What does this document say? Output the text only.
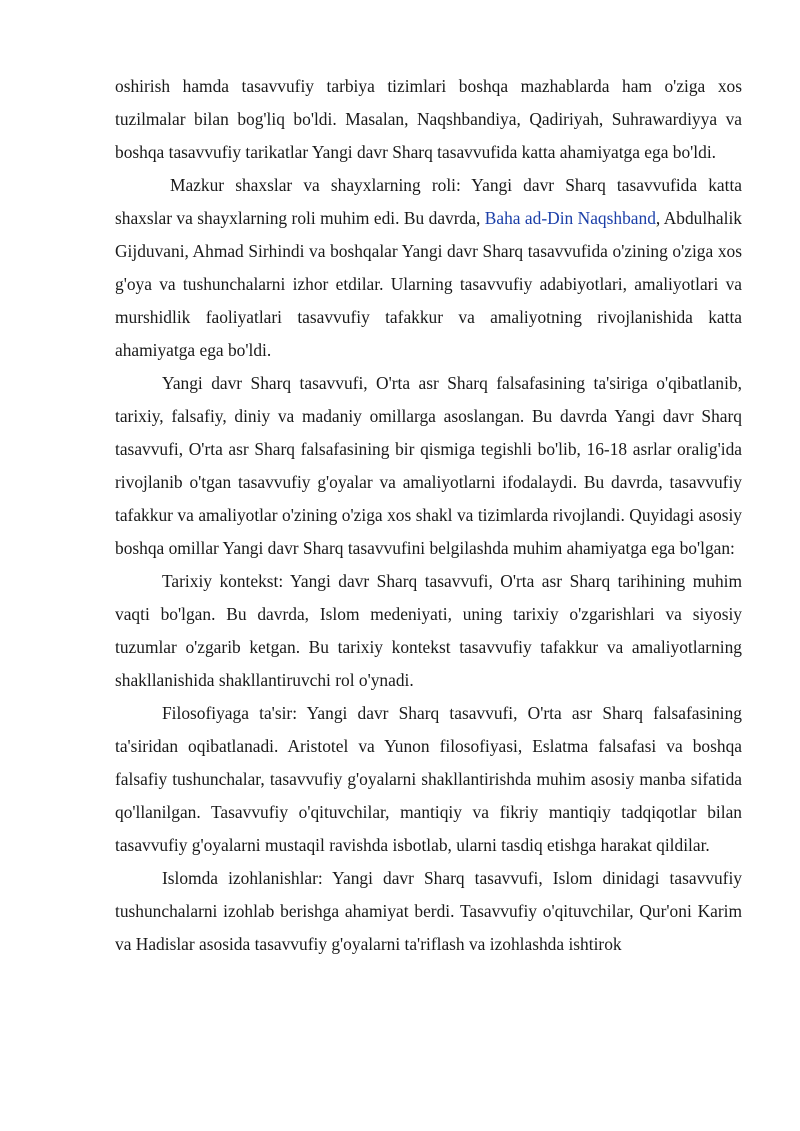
oshirish hamda tasavvufiy tarbiya tizimlari boshqa mazhablarda ham o'ziga xos tuzilmalar bilan bog'liq bo'ldi. Masalan, Naqshbandiya, Qadiriyah, Suhrawardiyya va boshqa tasavvufiy tarikatlar Yangi davr Sharq tasavvufida katta ahamiyatga ega bo'ldi.

Mazkur shaxslar va shayxlarning roli: Yangi davr Sharq tasavvufida katta shaxslar va shayxlarning roli muhim edi. Bu davrda, Baha ad-Din Naqshband, Abdulhalik Gijduvani, Ahmad Sirhindi va boshqalar Yangi davr Sharq tasavvufida o'zining o'ziga xos g'oya va tushunchalarni izhor etdilar. Ularning tasavvufiy adabiyotlari, amaliyotlari va murshidlik faoliyatlari tasavvufiy tafakkur va amaliyotning rivojlanishida katta ahamiyatga ega bo'ldi.

Yangi davr Sharq tasavvufi, O'rta asr Sharq falsafasining ta'siriga o'qibatlanib, tarixiy, falsafiy, diniy va madaniy omillarga asoslangan. Bu davrda Yangi davr Sharq tasavvufi, O'rta asr Sharq falsafasining bir qismiga tegishli bo'lib, 16-18 asrlar oralig'ida rivojlanib o'tgan tasavvufiy g'oyalar va amaliyotlarni ifodalaydi. Bu davrda, tasavvufiy tafakkur va amaliyotlar o'zining o'ziga xos shakl va tizimlarda rivojlandi. Quyidagi asosiy boshqa omillar Yangi davr Sharq tasavvufini belgilashda muhim ahamiyatga ega bo'lgan:

Tarixiy kontekst: Yangi davr Sharq tasavvufi, O'rta asr Sharq tarihining muhim vaqti bo'lgan. Bu davrda, Islom medeniyati, uning tarixiy o'zgarishlari va siyosiy tuzumlar o'zgarib ketgan. Bu tarixiy kontekst tasavvufiy tafakkur va amaliyotlarning shakllanishida shakllantiruvchi rol o'ynadi.

Filosofiyaga ta'sir: Yangi davr Sharq tasavvufi, O'rta asr Sharq falsafasining ta'siridan oqibatlanadi. Aristotel va Yunon filosofiyasi, Eslatma falsafasi va boshqa falsafiy tushunchalar, tasavvufiy g'oyalarni shakllantirishda muhim asosiy manba sifatida qo'llanilgan. Tasavvufiy o'qituvchilar, mantiqiy va fikriy mantiqiy tadqiqotlar bilan tasavvufiy g'oyalarni mustaqil ravishda isbotlab, ularni tasdiq etishga harakat qildilar.

Islomda izohlanishlar: Yangi davr Sharq tasavvufi, Islom dinidagi tasavvufiy tushunchalarni izohlab berishga ahamiyat berdi. Tasavvufiy o'qituvchilar, Qur'oni Karim va Hadislar asosida tasavvufiy g'oyalarni ta'riflash va izohlashda ishtirok
